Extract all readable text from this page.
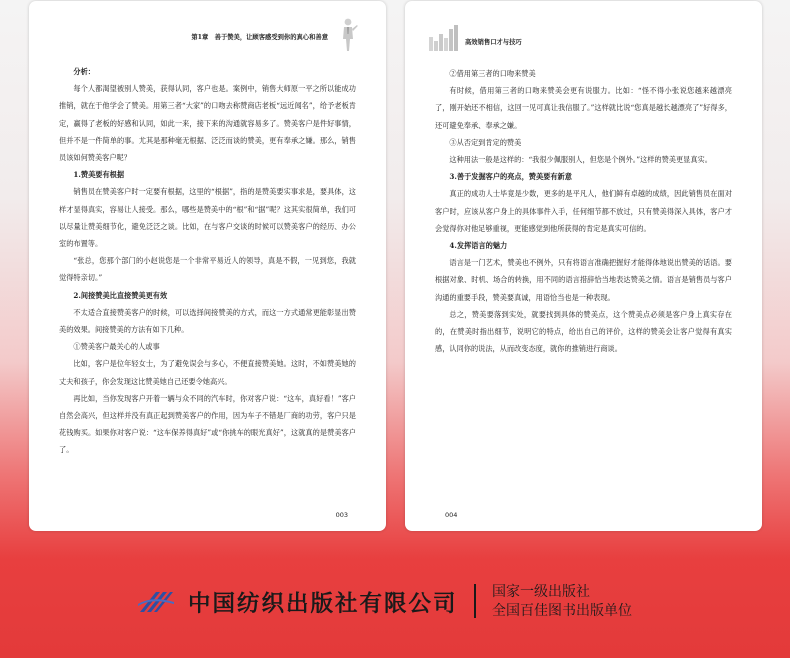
第1章　善于赞美，让顾客感受到你的真心和善意

分析：

每个人都渴望被别人赞美，获得认同，客户也是。案例中，销售大师原一平之所以能成功推销，就在于他学会了赞美。用第三者“大家”的口吻去称赞商店老板“远近闻名”，给予老板肯定，赢得了老板的好感和认同，如此一来，接下来的沟通就容易多了。赞美客户是件好事情，但并不是一件简单的事。尤其是那种毫无根据、泛泛而谈的赞美，更有奉承之嫌。那么，销售员该如何赞美客户呢？

1.赞美要有根据

销售员在赞美客户时一定要有根据，这里的“根据”，指的是赞美要实事求是，要具体，这样才显得真实，容易让人接受。那么，哪些是赞美中的“根”和“据”呢？这其实很简单，我们可以尽量让赞美细节化，避免泛泛之谈。比如，在与客户交谈的时候可以赞美客户的经历、办公室的布置等。

“张总，您那个部门的小赵说您是一个非常平易近人的领导，真是不假，一见到您，我就觉得特亲切。”

2.间接赞美比直接赞美更有效

不太适合直接赞美客户的时候，可以选择间接赞美的方式，而这一方式通常更能彰显出赞美的效果。间接赞美的方法有如下几种。

①赞美客户最关心的人或事

比如，客户是位年轻女士，为了避免误会与多心，不便直接赞美她。这时，不如赞美她的丈夫和孩子，你会发现这比赞美她自己还要令她高兴。

再比如，当你发现客户开着一辆与众不同的汽车时，你对客户说：“这车，真好看！”客户自然会高兴，但这样并没有真正起到赞美客户的作用，因为车子不错是厂商的功劳，客户只是花钱购买。如果你对客户说：“这车保养得真好”或“你挑车的眼光真好”，这就真的是赞美客户了。

003
高效销售口才与技巧

②借用第三者的口吻来赞美

有时候，借用第三者的口吻来赞美会更有说服力。比如：“怪不得小张说您越来越漂亮了，刚开始还不相信，这回一见可真让我信服了。”这样就比说“您真是越长越漂亮了”好得多，还可避免奉承、奉承之嫌。

③从否定到肯定的赞美

这种用法一般是这样的：“我很少佩服别人，但您是个例外。”这样的赞美更显真实。

3.善于发掘客户的亮点，赞美要有新意

真正的成功人士毕竟是少数，更多的是平凡人，他们鲜有卓越的成绩，因此销售员在面对客户时，应该从客户身上的具体事件入手，任何细节都不放过，只有赞美得深入具体，客户才会觉得你对他足够重视，更能感觉到他所获得的肯定是真实可信的。

4.发挥语言的魅力

语言是一门艺术，赞美也不例外，只有将语言准确把握好才能得体地说出赞美的话语。要根据对象、时机、场合的转换，用不同的语言措辞恰当地表达赞美之情。语言是销售员与客户沟通的重要手段，赞美要真诚，用语恰当也是一种表现。

总之，赞美要落到实处，就要找到具体的赞美点，这个赞美点必须是客户身上真实存在的，在赞美时指出细节，说明它的特点，给出自己的评价，这样的赞美会让客户觉得有真实感，认同你的说法，从而改变态度，就你的推销进行商谈。

004
中国纺织出版社有限公司 国家一级出版社
全国百佳图书出版单位
